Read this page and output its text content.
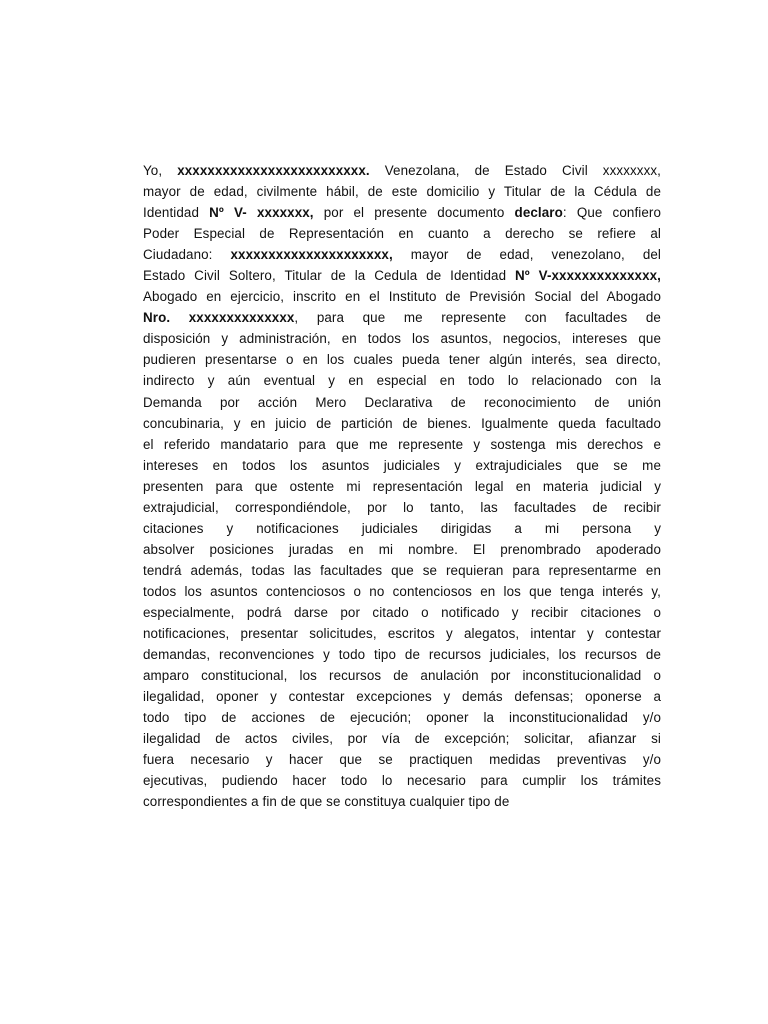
Yo, xxxxxxxxxxxxxxxxxxxxxxxxx. Venezolana, de Estado Civil xxxxxxxx,
mayor de edad, civilmente hábil, de este domicilio y Titular de la Cédula de
Identidad Nº V- xxxxxxx, por el presente documento declaro: Que confiero
Poder Especial de Representación en cuanto a derecho se refiere al
Ciudadano: xxxxxxxxxxxxxxxxxxxxx, mayor de edad, venezolano, del
Estado Civil Soltero, Titular de la Cedula de Identidad Nº V-xxxxxxxxxxxxxx,
Abogado en ejercicio, inscrito en el Instituto de Previsión Social del Abogado
Nro. xxxxxxxxxxxxxx, para que me represente con facultades de
disposición y administración, en todos los asuntos, negocios, intereses que
pudieren presentarse o en los cuales pueda tener algún interés, sea directo,
indirecto y aún eventual y en especial en todo lo relacionado con la
Demanda por acción Mero Declarativa de reconocimiento de unión
concubinaria, y en juicio de partición de bienes. Igualmente queda facultado
el referido mandatario para que me represente y sostenga mis derechos e
intereses en todos los asuntos judiciales y extrajudiciales que se me
presenten para que ostente mi representación legal en materia judicial y
extrajudicial, correspondiéndole, por lo tanto, las facultades de recibir
citaciones y notificaciones judiciales dirigidas a mi persona y
absolver posiciones juradas en mi nombre. El prenombrado apoderado
tendrá además, todas las facultades que se requieran para representarme en
todos los asuntos contenciosos o no contenciosos en los que tenga interés y,
especialmente, podrá darse por citado o notificado y recibir citaciones o
notificaciones, presentar solicitudes, escritos y alegatos, intentar y contestar
demandas, reconvenciones y todo tipo de recursos judiciales, los recursos de
amparo constitucional, los recursos de anulación por inconstitucionalidad o
ilegalidad, oponer y contestar excepciones y demás defensas; oponerse a
todo tipo de acciones de ejecución; oponer la inconstitucionalidad y/o
ilegalidad de actos civiles, por vía de excepción; solicitar, afianzar si
fuera necesario y hacer que se practiquen medidas preventivas y/o
ejecutivas, pudiendo hacer todo lo necesario para cumplir los trámites
correspondientes a fin de que se constituya cualquier tipo de
